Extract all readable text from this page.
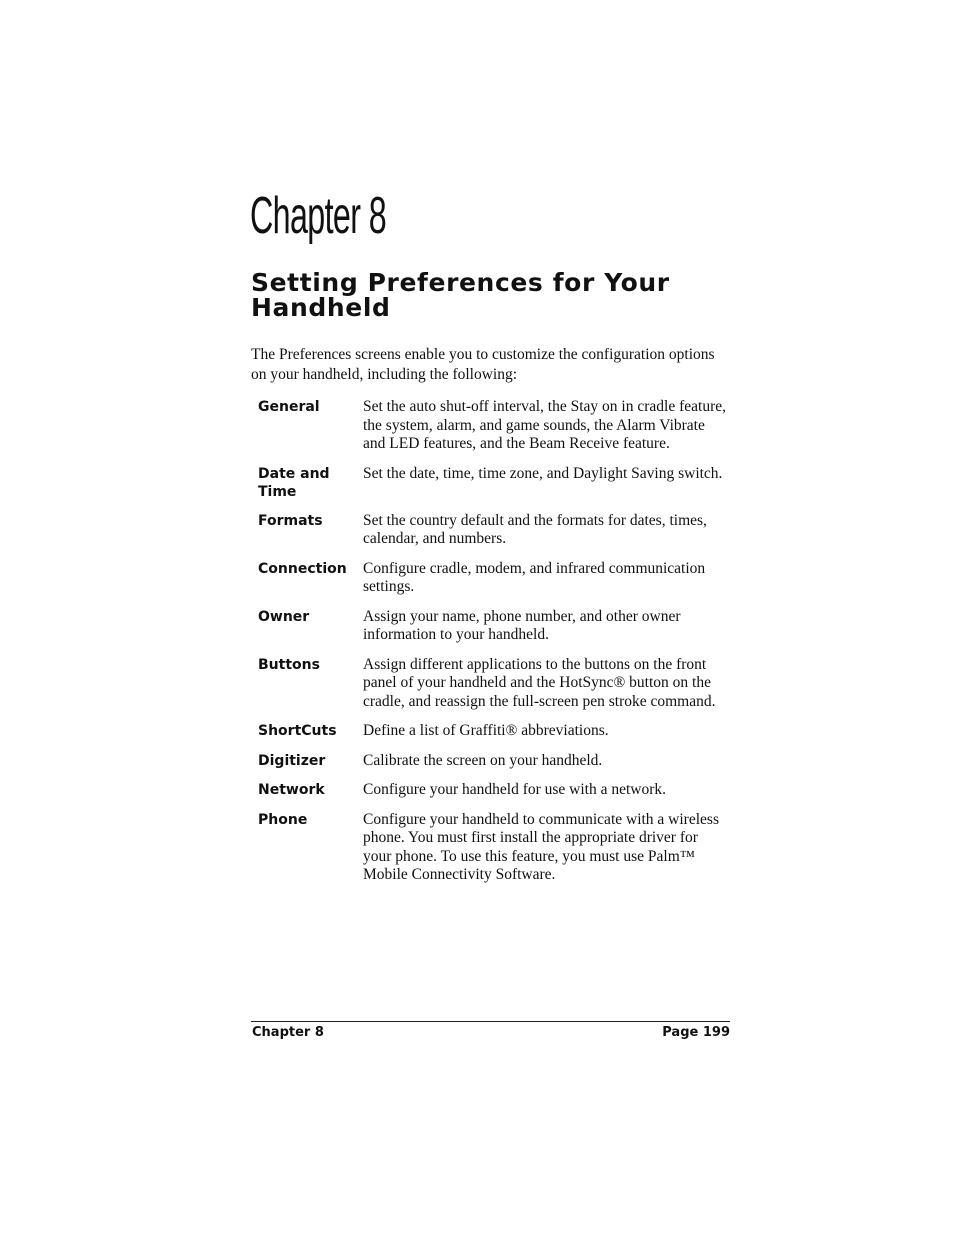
Chapter 8
Setting Preferences for Your Handheld

The Preferences screens enable you to customize the configuration options on your handheld, including the following:

General	Set the auto shut-off interval, the Stay on in cradle feature, the system, alarm, and game sounds, the Alarm Vibrate and LED features, and the Beam Receive feature.
Date and Time	Set the date, time, time zone, and Daylight Saving switch.
Formats	Set the country default and the formats for dates, times, calendar, and numbers.
Connection	Configure cradle, modem, and infrared communication settings.
Owner	Assign your name, phone number, and other owner information to your handheld.
Buttons	Assign different applications to the buttons on the front panel of your handheld and the HotSync® button on the cradle, and reassign the full-screen pen stroke command.
ShortCuts	Define a list of Graffiti® abbreviations.
Digitizer	Calibrate the screen on your handheld.
Network	Configure your handheld for use with a network.
Phone	Configure your handheld to communicate with a wireless phone. You must first install the appropriate driver for your phone. To use this feature, you must use Palm™ Mobile Connectivity Software.
Chapter 8	Page 199
